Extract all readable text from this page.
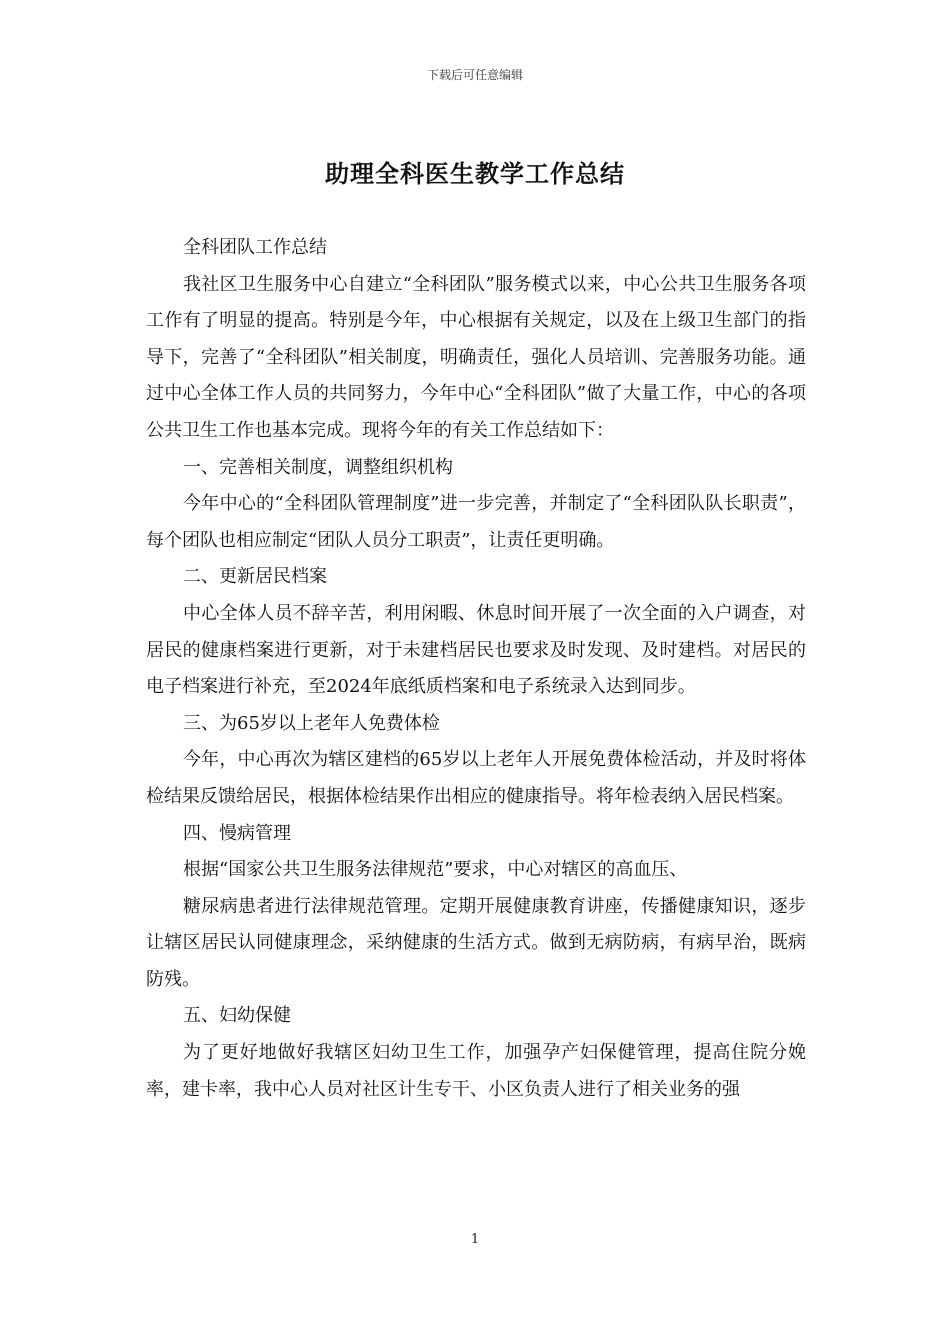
下载后可任意编辑
助理全科医生教学工作总结

全科团队工作总结

我社区卫生服务中心自建立“全科团队”服务模式以来，中心公共卫生服务各项工作有了明显的提高。特别是今年，中心根据有关规定，以及在上级卫生部门的指导下，完善了“全科团队”相关制度，明确责任，强化人员培训、完善服务功能。通过中心全体工作人员的共同努力，今年中心“全科团队”做了大量工作，中心的各项公共卫生工作也基本完成。现将今年的有关工作总结如下：

一、完善相关制度，调整组织机构

今年中心的“全科团队管理制度”进一步完善，并制定了“全科团队队长职责”，每个团队也相应制定“团队人员分工职责”，让责任更明确。

二、更新居民档案

中心全体人员不辞辛苦，利用闲暇、休息时间开展了一次全面的入户调查，对居民的健康档案进行更新，对于未建档居民也要求及时发现、及时建档。对居民的电子档案进行补充，至2024年底纸质档案和电子系统录入达到同步。

三、为65岁以上老年人免费体检

今年，中心再次为辖区建档的65岁以上老年人开展免费体检活动，并及时将体检结果反馈给居民，根据体检结果作出相应的健康指导。将年检表纳入居民档案。

四、慢病管理

根据“国家公共卫生服务法律规范”要求，中心对辖区的高血压、

糖尿病患者进行法律规范管理。定期开展健康教育讲座，传播健康知识，逐步让辖区居民认同健康理念，采纳健康的生活方式。做到无病防病，有病早治，既病防残。

五、妇幼保健

为了更好地做好我辖区妇幼卫生工作，加强孕产妇保健管理，提高住院分娩率，建卡率，我中心人员对社区计生专干、小区负责人进行了相关业务的强

1
